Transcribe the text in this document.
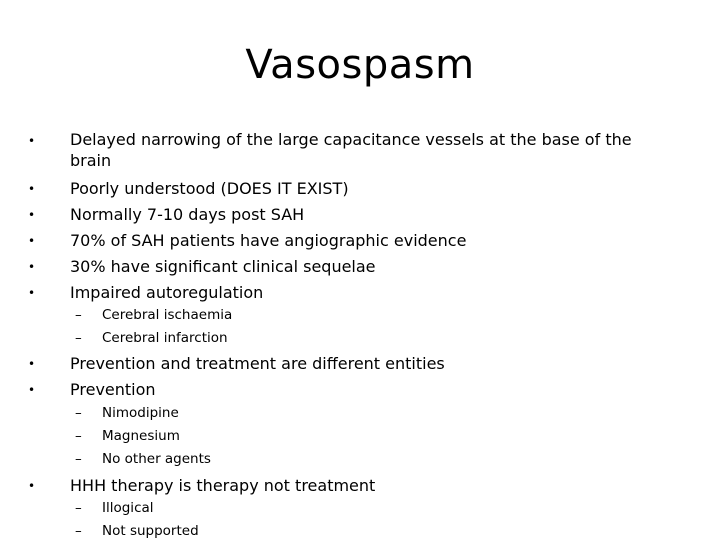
Vasospasm
• Delayed narrowing of the large capacitance vessels at the base of the brain
• Poorly understood (DOES IT EXIST)
• Normally 7-10 days post SAH
• 70% of SAH patients have angiographic evidence
• 30% have significant clinical sequelae
• Impaired autoregulation
– Cerebral ischaemia
– Cerebral infarction
• Prevention and treatment are different entities
• Prevention
– Nimodipine
– Magnesium
– No other agents
• HHH therapy is therapy not treatment
– Illogical
– Not supported
